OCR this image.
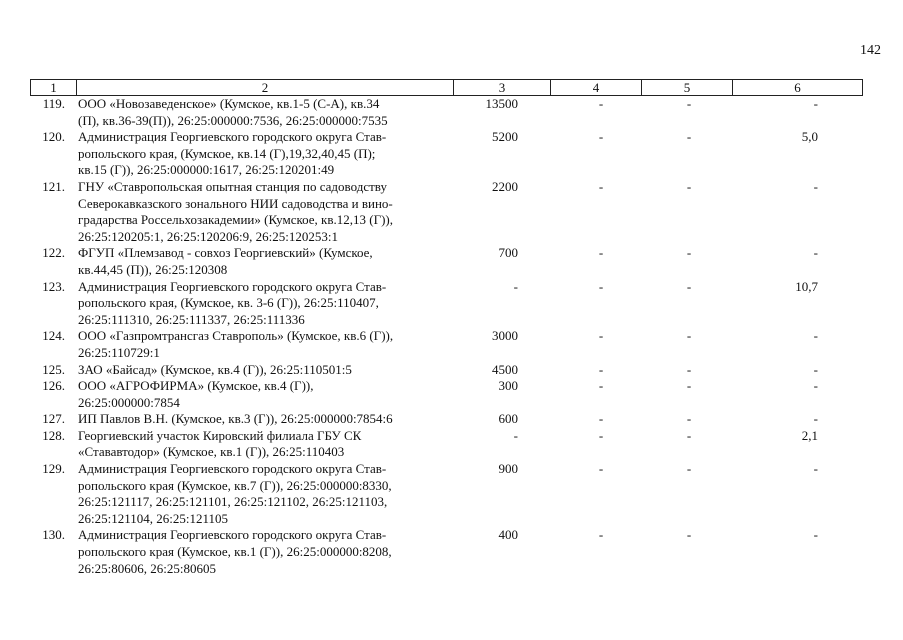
142
1	2	3	4	5	6
119. ООО «Новозаведенское» (Кумское, кв.1-5 (С-А), кв.34
(П), кв.36-39(П)), 26:25:000000:7536, 26:25:000000:7535
13500	-	-	-
120. Администрация Георгиевского городского округа Став-
ропольского края, (Кумское, кв.14 (Г),19,32,40,45 (П);
кв.15 (Г)), 26:25:000000:1617, 26:25:120201:49
5200	-	-	5,0
121. ГНУ «Ставропольская опытная станция по садоводству
Северокавказского зонального НИИ садоводства и вино-
градарства Россельхозакадемии» (Кумское, кв.12,13 (Г)),
26:25:120205:1, 26:25:120206:9, 26:25:120253:1
2200	-	-	-
122. ФГУП «Племзавод - совхоз Георгиевский» (Кумское,
кв.44,45 (П)), 26:25:120308
700	-	-	-
123. Администрация Георгиевского городского округа Став-
ропольского края, (Кумское, кв. 3-6 (Г)), 26:25:110407,
26:25:111310, 26:25:111337, 26:25:111336
-	-	-	10,7
124. ООО «Газпромтрансгаз Ставрополь» (Кумское, кв.6 (Г)),
26:25:110729:1
3000	-	-	-
125. ЗАО «Байсад» (Кумское, кв.4 (Г)), 26:25:110501:5	4500	-	-	-
126. ООО «АГРОФИРМА» (Кумское, кв.4 (Г)),
26:25:000000:7854
300	-	-	-
127. ИП Павлов В.Н. (Кумское, кв.3 (Г)), 26:25:000000:7854:6	600	-	-	-
128. Георгиевский участок Кировский филиала ГБУ СК
«Стававтодор» (Кумское, кв.1 (Г)), 26:25:110403
-	-	-	2,1
129. Администрация Георгиевского городского округа Став-
ропольского края (Кумское, кв.7 (Г)), 26:25:000000:8330,
26:25:121117, 26:25:121101, 26:25:121102, 26:25:121103,
26:25:121104, 26:25:121105
900	-	-	-
130. Администрация Георгиевского городского округа Став-
ропольского края (Кумское, кв.1 (Г)), 26:25:000000:8208,
26:25:80606, 26:25:80605
400	-	-	-
